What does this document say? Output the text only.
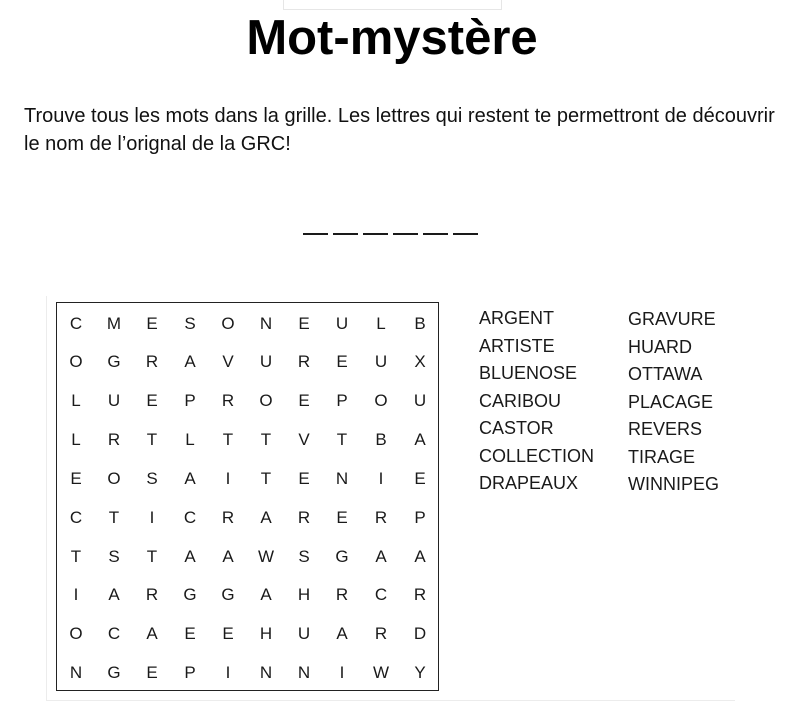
Mot-mystère

Trouve tous les mots dans la grille. Les lettres qui restent te permettront de découvrir le nom de l’orignal de la GRC!

C	M	E	S	O	N	E	U	L	B
O	G	R	A	V	U	R	E	U	X
L	U	E	P	R	O	E	P	O	U
L	R	T	L	T	T	V	T	B	A
E	O	S	A	I	T	E	N	I	E
C	T	I	C	R	A	R	E	R	P
T	S	T	A	A	W	S	G	A	A
I	A	R	G	G	A	H	R	C	R
O	C	A	E	E	H	U	A	R	D
N	G	E	P	I	N	N	I	W	Y
ARGENT
ARTISTE
BLUENOSE
CARIBOU
CASTOR
COLLECTION
DRAPEAUX
GRAVURE
HUARD
OTTAWA
PLACAGE
REVERS
TIRAGE
WINNIPEG
